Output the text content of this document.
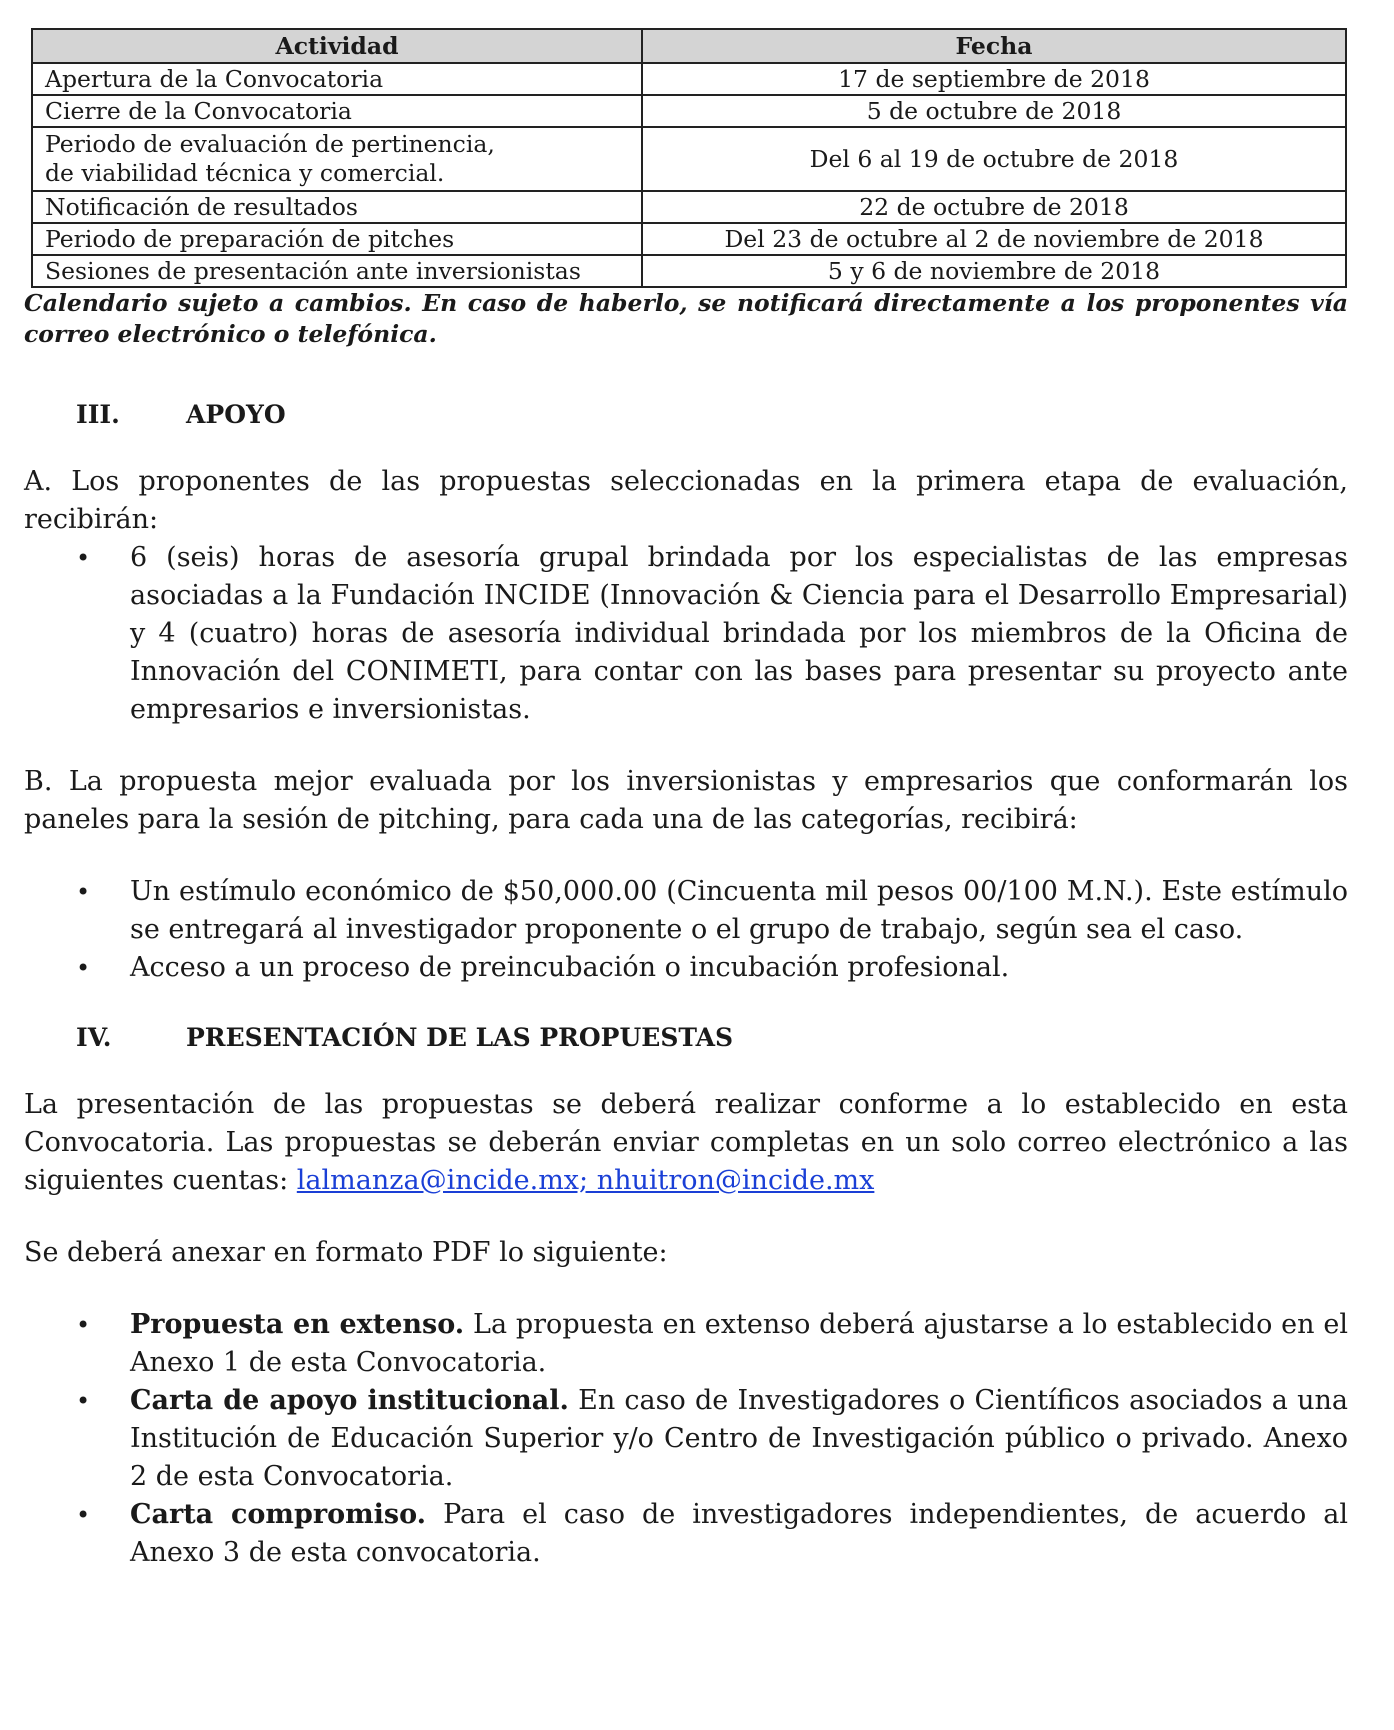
Actividad	Fecha
Apertura de la Convocatoria	17 de septiembre de 2018
Cierre de la Convocatoria	5 de octubre de 2018
Periodo de evaluación de pertinencia,
de viabilidad técnica y comercial.	Del 6 al 19 de octubre de 2018
Notificación de resultados	22 de octubre de 2018
Periodo de preparación de pitches	Del 23 de octubre al 2 de noviembre de 2018
Sesiones de presentación ante inversionistas	5 y 6 de noviembre de 2018
Calendario sujeto a cambios. En caso de haberlo, se notificará directamente a los proponentes vía correo electrónico o telefónica.
III.	APOYO
A. Los proponentes de las propuestas seleccionadas en la primera etapa de evaluación, recibirán:
• 6 (seis) horas de asesoría grupal brindada por los especialistas de las empresas asociadas a la Fundación INCIDE (Innovación & Ciencia para el Desarrollo Empresarial) y 4 (cuatro) horas de asesoría individual brindada por los miembros de la Oficina de Innovación del CONIMETI, para contar con las bases para presentar su proyecto ante empresarios e inversionistas.
B. La propuesta mejor evaluada por los inversionistas y empresarios que conformarán los paneles para la sesión de pitching, para cada una de las categorías, recibirá:
• Un estímulo económico de $50,000.00 (Cincuenta mil pesos 00/100 M.N.). Este estímulo se entregará al investigador proponente o el grupo de trabajo, según sea el caso.
• Acceso a un proceso de preincubación o incubación profesional.
IV.	PRESENTACIÓN DE LAS PROPUESTAS
La presentación de las propuestas se deberá realizar conforme a lo establecido en esta Convocatoria. Las propuestas se deberán enviar completas en un solo correo electrónico a las siguientes cuentas: lalmanza@incide.mx; nhuitron@incide.mx
Se deberá anexar en formato PDF lo siguiente:
• Propuesta en extenso. La propuesta en extenso deberá ajustarse a lo establecido en el Anexo 1 de esta Convocatoria.
• Carta de apoyo institucional. En caso de Investigadores o Científicos asociados a una Institución de Educación Superior y/o Centro de Investigación público o privado. Anexo 2 de esta Convocatoria.
• Carta compromiso. Para el caso de investigadores independientes, de acuerdo al Anexo 3 de esta convocatoria.
